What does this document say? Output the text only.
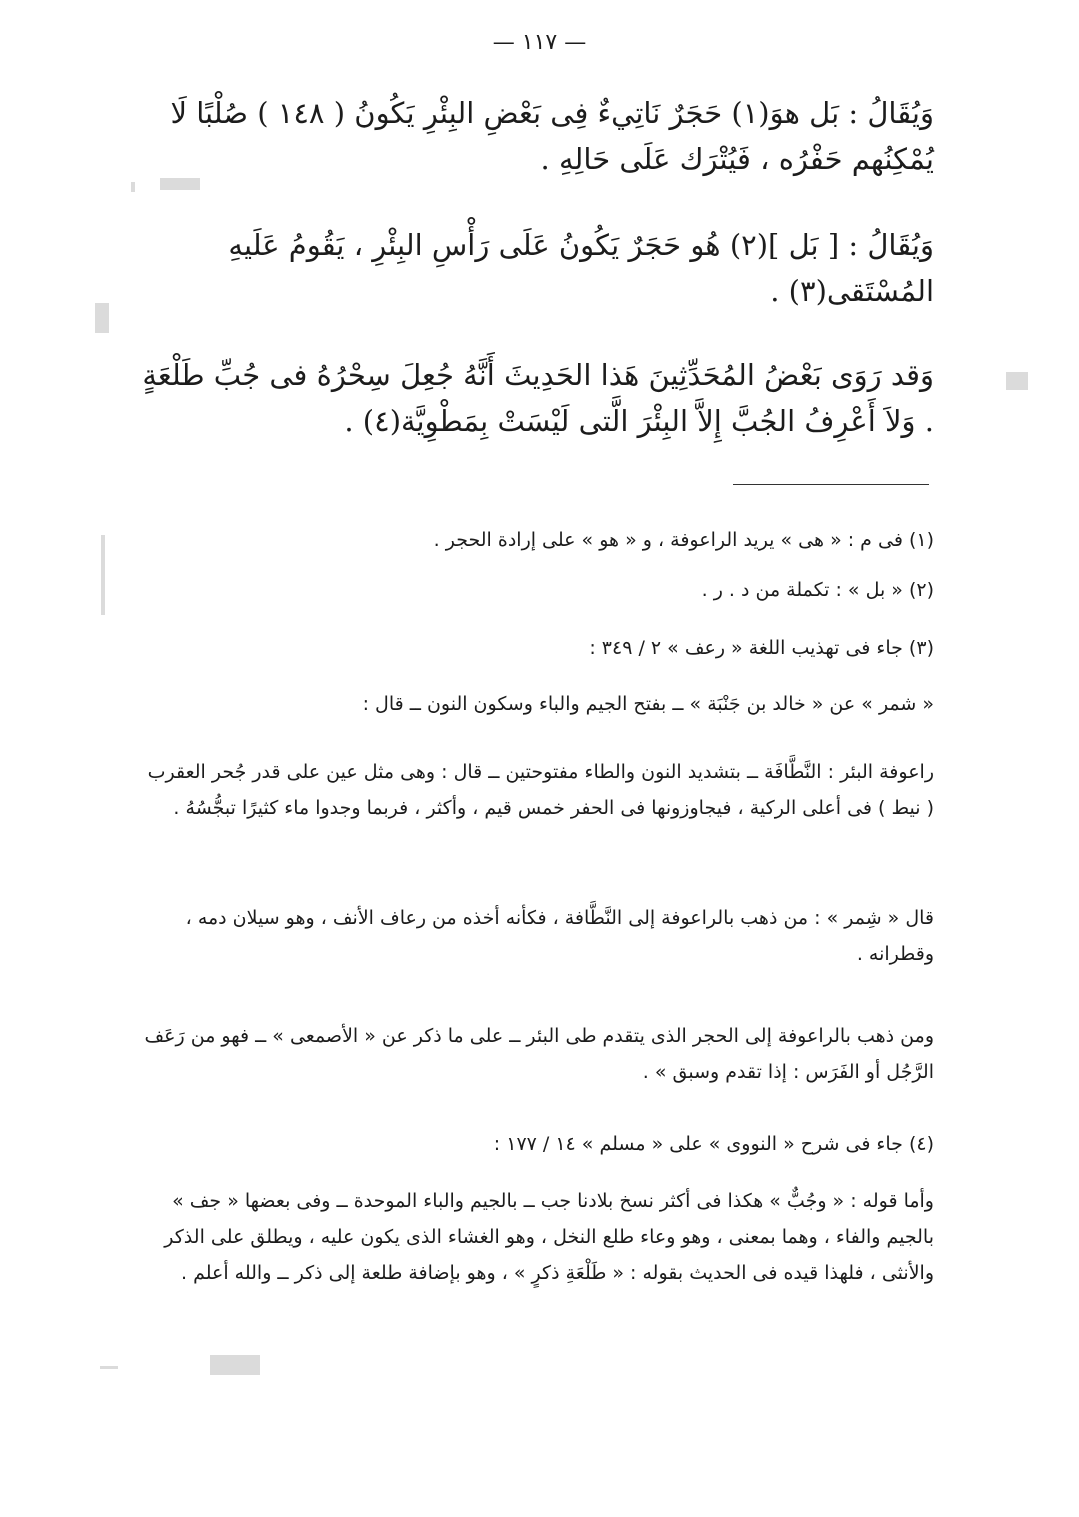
— ١١٧ —
وَيُقَالُ : بَل هوَ(١) حَجَرٌ نَاتِيءٌ فِى بَعْضِ البِئْرِ يَكُونُ ( ١٤٨ ) صُلْبًا لَا يُمْكِنُهم حَفْرُه ، فَيُتْرَك عَلَى حَالِهِ .
وَيُقَالُ : [ بَل ](٢) هُو حَجَرٌ يَكُونُ عَلَى رَأْسِ البِئْرِ ، يَقُومُ عَلَيهِ المُسْتَقى(٣) .
وَقد رَوَى بَعْضُ المُحَدِّثِينَ هَذا الحَدِيثَ أَنَّهُ جُعِلَ سِحْرُهُ فى جُبِّ طَلْعَةٍ . وَلاَ أَعْرِفُ الجُبَّ إِلاَّ البِئْرَ الَّتى لَيْسَتْ بِمَطْوِيَّة(٤) .
(١) فى م : « هى » يريد الراعوفة ، و « هو » على إرادة الحجر .
(٢) « بل » : تكملة من د . ر .
(٣) جاء فى تهذيب اللغة « رعف » ٢ / ٣٤٩ :
« شمر » عن « خالد بن جَنْبَة » ــ بفتح الجيم والباء وسكون النون ــ قال :
راعوفة البئر : النَّطَّافَة ــ بتشديد النون والطاء مفتوحتين ــ قال : وهى مثل عين على قدر جُحر العقرب ( نيط ) فى أعلى الركية ، فيجاوزونها فى الحفر خمس قيم ، وأكثر ، فربما وجدوا ماء كثيرًا تبجُّسُهُ .
قال « شِمر » : من ذهب بالراعوفة إلى النَّطَّافة ، فكأنه أخذه من رعاف الأنف ، وهو سيلان دمه ، وقطرانه .
ومن ذهب بالراعوفة إلى الحجر الذى يتقدم طى البئر ــ على ما ذكر عن « الأصمعى » ــ فهو من رَعَف الرَّجُل أو الفَرَس : إذا تقدم وسبق » .
(٤) جاء فى شرح « النووى » على « مسلم » ١٤ / ١٧٧ :
وأما قوله : « وجُبٌّ » هكذا فى أكثر نسخ بلادنا جب ــ بالجيم والباء الموحدة ــ وفى بعضها « جف » بالجيم والفاء ، وهما بمعنى ، وهو وعاء طلع النخل ، وهو الغشاء الذى يكون عليه ، ويطلق على الذكر والأنثى ، فلهذا قيده فى الحديث بقوله : « طَلْعَةِ ذكرٍ » ، وهو بإضافة طلعة إلى ذكر ــ والله أعلم .
